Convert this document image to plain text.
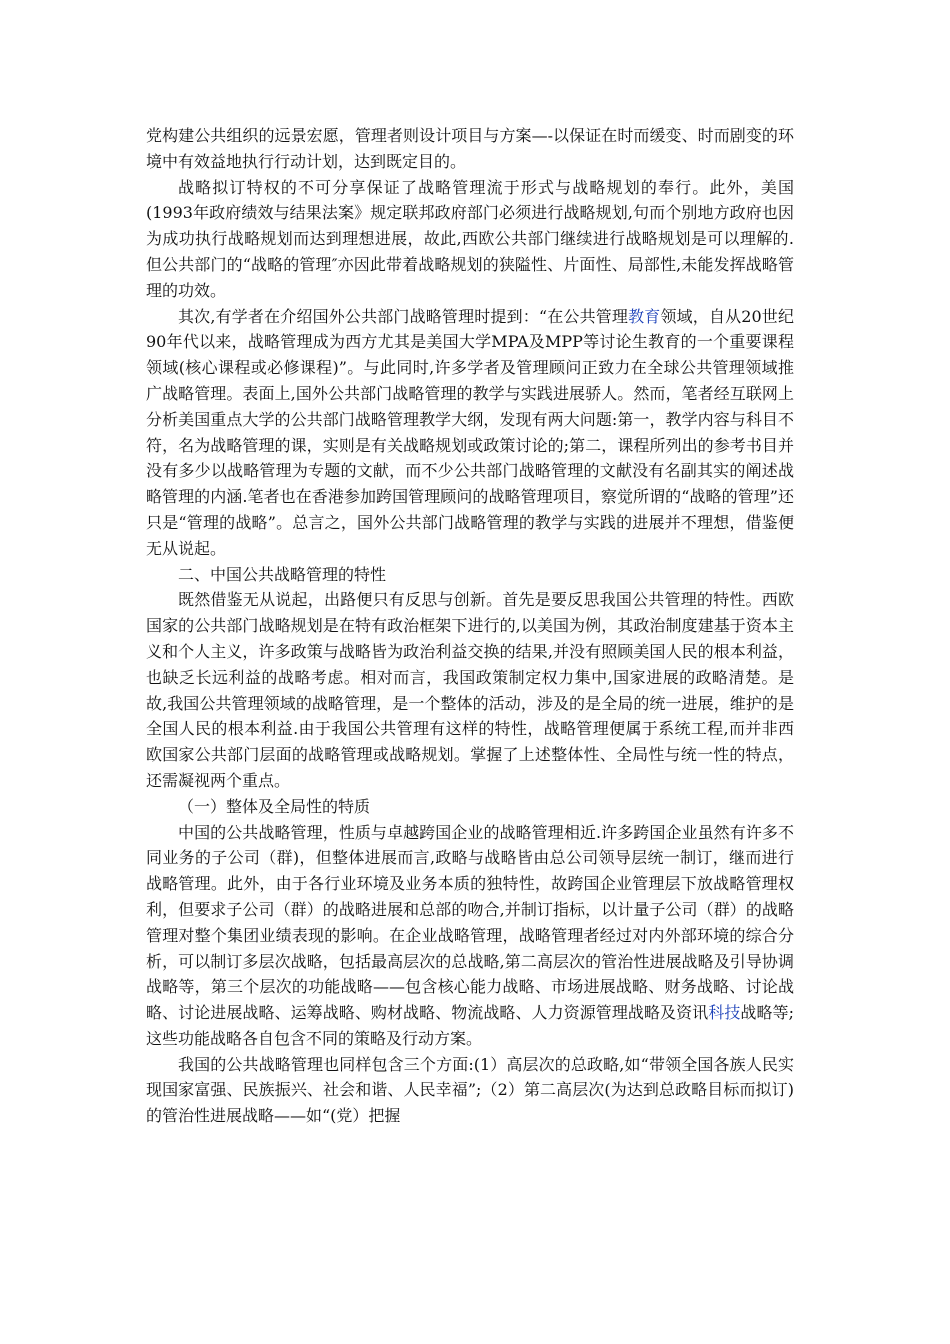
党构建公共组织的远景宏愿，管理者则设计项目与方案—-以保证在时而缓变、时而剧变的环境中有效益地执行行动计划，达到既定目的。

战略拟订特权的不可分享保证了战略管理流于形式与战略规划的奉行。此外，美国(1993年政府绩效与结果法案》规定联邦政府部门必须进行战略规划,句而个别地方政府也因为成功执行战略规划而达到理想进展，故此,西欧公共部门继续进行战略规划是可以理解的.但公共部门的“战略的管理″亦因此带着战略规划的狭隘性、片面性、局部性,未能发挥战略管理的功效。

其次,有学者在介绍国外公共部门战略管理时提到：“在公共管理教育领域，自从20世纪90年代以来，战略管理成为西方尤其是美国大学MPA及MPP等讨论生教育的一个重要课程领域(核心课程或必修课程)”。与此同时,许多学者及管理顾问正致力在全球公共管理领域推广战略管理。表面上,国外公共部门战略管理的教学与实践进展骄人。然而，笔者经互联网上分析美国重点大学的公共部门战略管理教学大纲，发现有两大问题:第一，教学内容与科目不符，名为战略管理的课，实则是有关战略规划或政策讨论的;第二，课程所列出的参考书目并没有多少以战略管理为专题的文献，而不少公共部门战略管理的文献没有名副其实的阐述战略管理的内涵.笔者也在香港参加跨国管理顾问的战略管理项目，察觉所谓的“战略的管理”还只是“管理的战略”。总言之，国外公共部门战略管理的教学与实践的进展并不理想，借鉴便无从说起。

二、中国公共战略管理的特性

既然借鉴无从说起，出路便只有反思与创新。首先是要反思我国公共管理的特性。西欧国家的公共部门战略规划是在特有政治框架下进行的,以美国为例，其政治制度建基于资本主义和个人主义，许多政策与战略皆为政治利益交换的结果,并没有照顾美国人民的根本利益，也缺乏长远利益的战略考虑。相对而言，我国政策制定权力集中,国家进展的政略清楚。是故,我国公共管理领域的战略管理，是一个整体的活动，涉及的是全局的统一进展，维护的是全国人民的根本利益.由于我国公共管理有这样的特性，战略管理便属于系统工程,而并非西欧国家公共部门层面的战略管理或战略规划。掌握了上述整体性、全局性与统一性的特点，还需凝视两个重点。

（一）整体及全局性的特质

中国的公共战略管理，性质与卓越跨国企业的战略管理相近.许多跨国企业虽然有许多不同业务的子公司（群)，但整体进展而言,政略与战略皆由总公司领导层统一制订，继而进行战略管理。此外，由于各行业环境及业务本质的独特性，故跨国企业管理层下放战略管理权利，但要求子公司（群）的战略进展和总部的吻合,并制订指标，以计量子公司（群）的战略管理对整个集团业绩表现的影响。在企业战略管理，战略管理者经过对内外部环境的综合分析，可以制订多层次战略，包括最高层次的总战略,第二高层次的管治性进展战略及引导协调战略等，第三个层次的功能战略——包含核心能力战略、市场进展战略、财务战略、讨论战略、讨论进展战略、运筹战略、购材战略、物流战略、人力资源管理战略及资讯科技战略等;这些功能战略各自包含不同的策略及行动方案。

我国的公共战略管理也同样包含三个方面:(1）高层次的总政略,如“带领全国各族人民实现国家富强、民族振兴、社会和谐、人民幸福”;（2）第二高层次(为达到总政略目标而拟订)的管治性进展战略——如“(党）把握
